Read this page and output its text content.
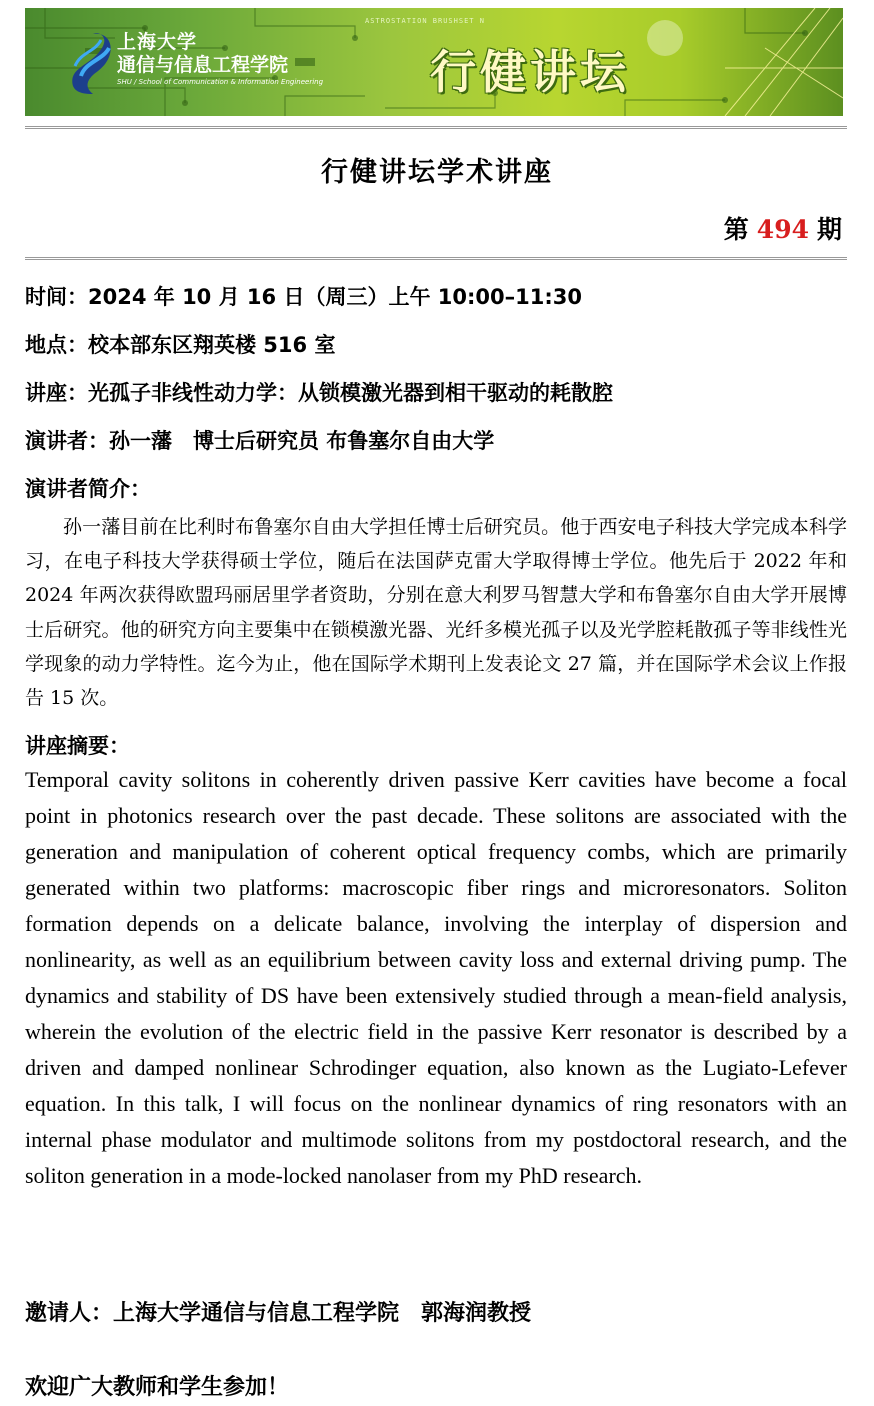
上海大学
通信与信息工程学院
SHU / School of Communication & Information Engineering
ASTROSTATION BRUSHSET N
行健讲坛
行健讲坛学术讲座
第 494 期
时间：2024 年 10 月 16 日（周三）上午 10:00–11:30
地点：校本部东区翔英楼 516 室
讲座：光孤子非线性动力学：从锁模激光器到相干驱动的耗散腔
演讲者：孙一藩　博士后研究员 布鲁塞尔自由大学
演讲者简介：
孙一藩目前在比利时布鲁塞尔自由大学担任博士后研究员。他于西安电子科技大学完成本科学习，在电子科技大学获得硕士学位，随后在法国萨克雷大学取得博士学位。他先后于 2022 年和 2024 年两次获得欧盟玛丽居里学者资助，分别在意大利罗马智慧大学和布鲁塞尔自由大学开展博士后研究。他的研究方向主要集中在锁模激光器、光纤多模光孤子以及光学腔耗散孤子等非线性光学现象的动力学特性。迄今为止，他在国际学术期刊上发表论文 27 篇，并在国际学术会议上作报告 15 次。
讲座摘要：
Temporal cavity solitons in coherently driven passive Kerr cavities have become a focal point in photonics research over the past decade. These solitons are associated with the generation and manipulation of coherent optical frequency combs, which are primarily generated within two platforms: macroscopic fiber rings and microresonators. Soliton formation depends on a delicate balance, involving the interplay of dispersion and nonlinearity, as well as an equilibrium between cavity loss and external driving pump. The dynamics and stability of DS have been extensively studied through a mean-field analysis, wherein the evolution of the electric field in the passive Kerr resonator is described by a driven and damped nonlinear Schrodinger equation, also known as the Lugiato-Lefever equation. In this talk, I will focus on the nonlinear dynamics of ring resonators with an internal phase modulator and multimode solitons from my postdoctoral research, and the soliton generation in a mode-locked nanolaser from my PhD research.
邀请人：上海大学通信与信息工程学院　郭海润教授
欢迎广大教师和学生参加！
